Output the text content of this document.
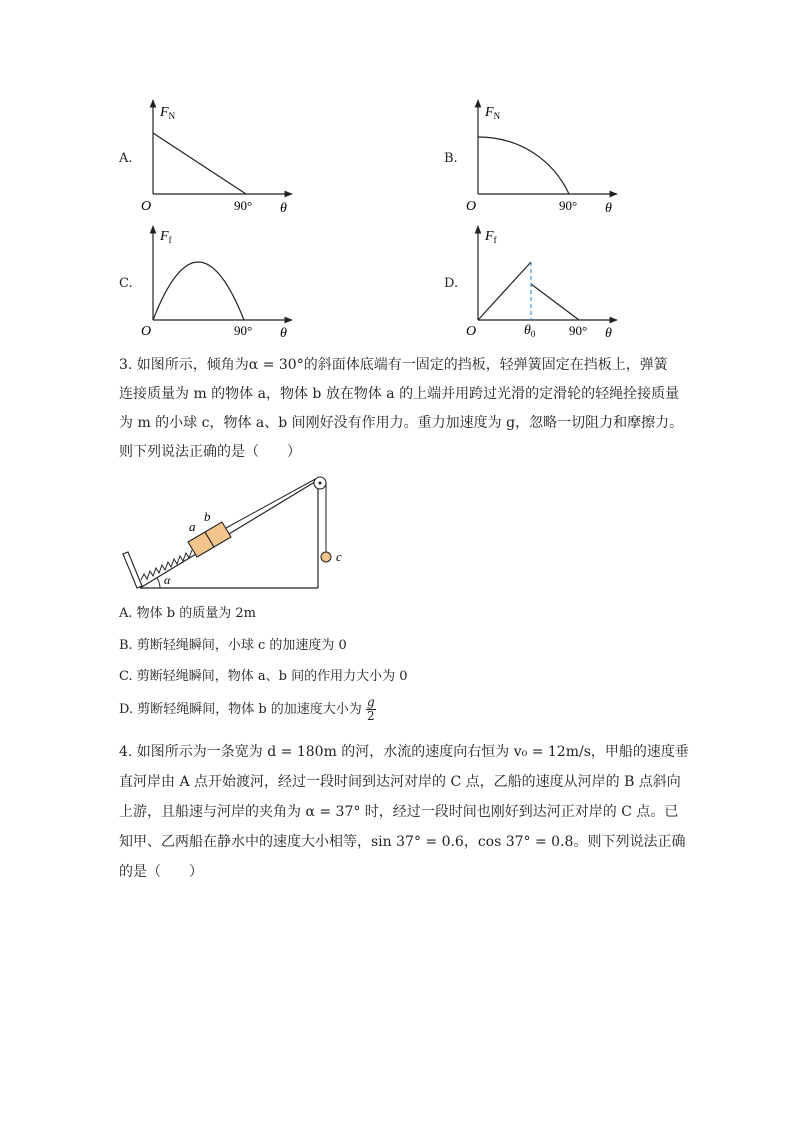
A.
$F_N$
O	90° θ
B.
$F_N$
O	90° θ
C.
$F_f$
O	90° θ
D.
$F_f$
O	$\theta_0$	90° θ
3. 如图所示，倾角为α = 30°的斜面体底端有一固定的挡板，轻弹簧固定在挡板上，弹簧
连接质量为 m 的物体 a，物体 b 放在物体 a 的上端并用跨过光滑的定滑轮的轻绳拴接质量
为 m 的小球 c，物体 a、b 间刚好没有作用力。重力加速度为 g，忽略一切阻力和摩擦力。
则下列说法正确的是（　　）
α
a
b
c
A. 物体 b 的质量为 2m
B. 剪断轻绳瞬间，小球 c 的加速度为 0
C. 剪断轻绳瞬间，物体 a、b 间的作用力大小为 0
D. 剪断轻绳瞬间，物体 b 的加速度大小为 $\frac{g}{2}$
4. 如图所示为一条宽为 d = 180m 的河，水流的速度向右恒为 v₀ = 12m/s，甲船的速度垂
直河岸由 A 点开始渡河，经过一段时间到达河对岸的 C 点，乙船的速度从河岸的 B 点斜向
上游，且船速与河岸的夹角为 α = 37° 时，经过一段时间也刚好到达河正对岸的 C 点。已
知甲、乙两船在静水中的速度大小相等，sin 37° = 0.6，cos 37° = 0.8。则下列说法正确
的是（　　）
